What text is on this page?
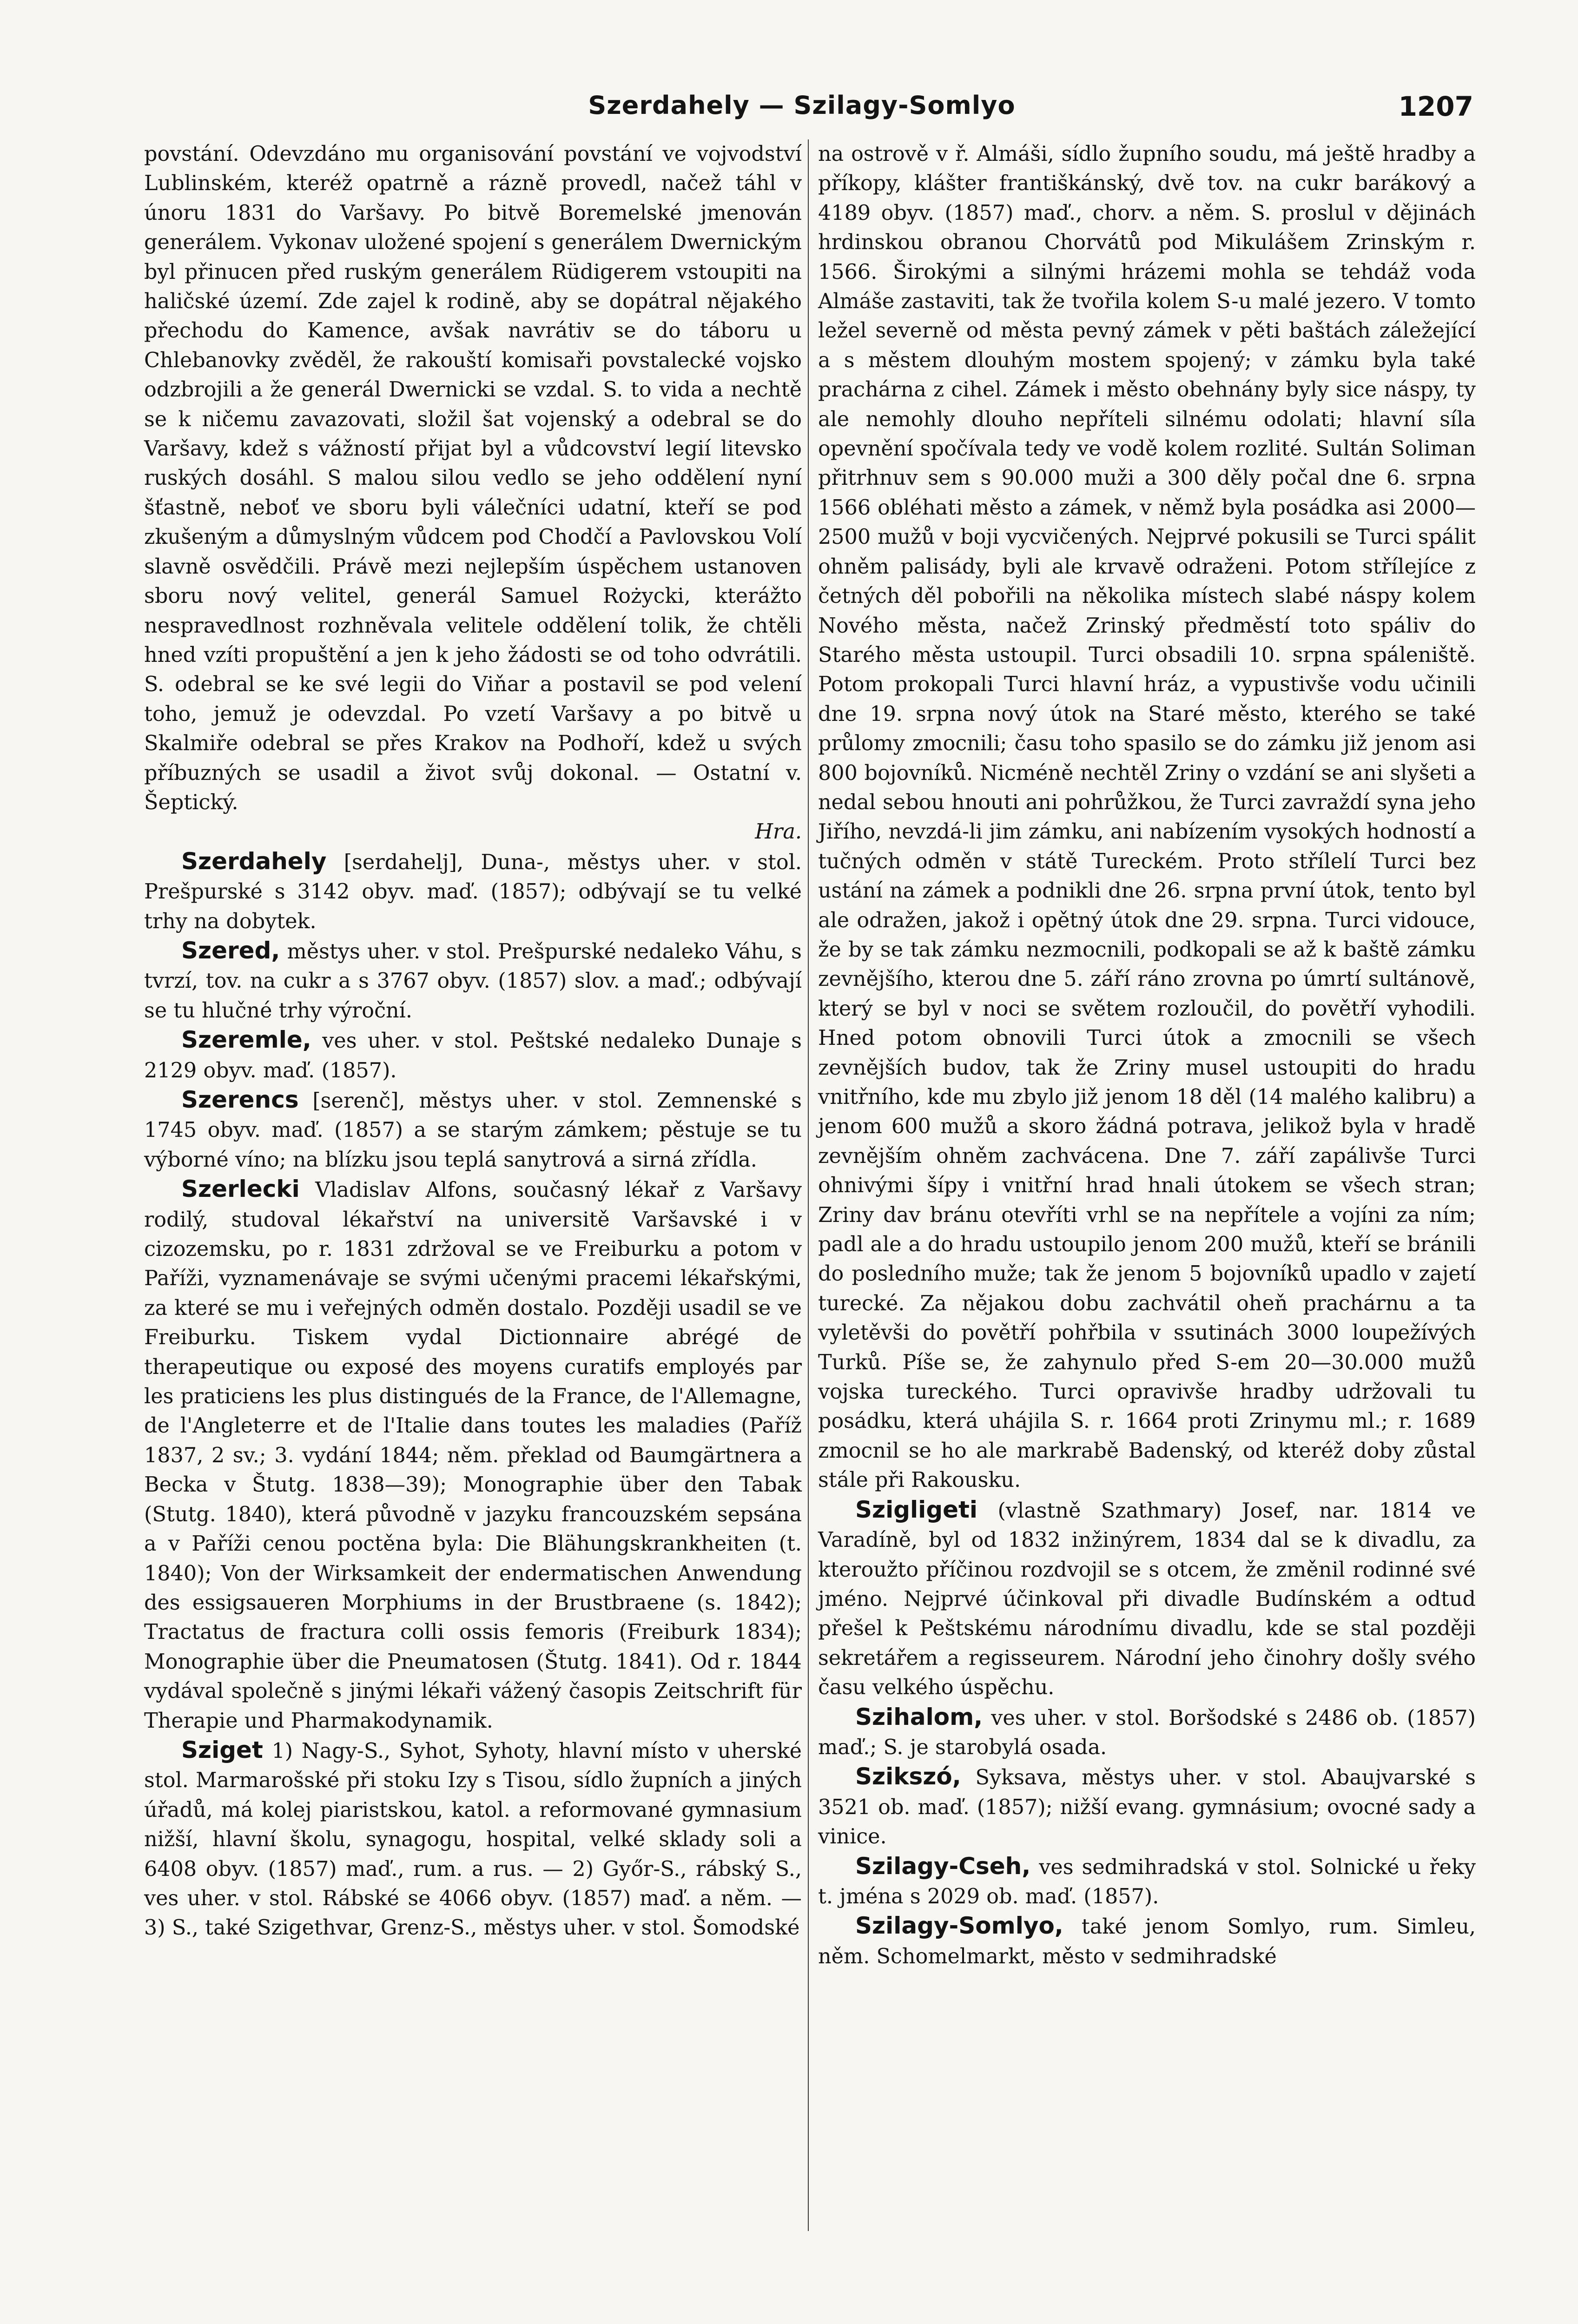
Szerdahely — Szilagy-Somlyo	1207

povstání. Odevzdáno mu organisování povstání ve vojvodství Lublinském, kteréž opatrně a rázně provedl, načež táhl v únoru 1831 do Varšavy. Po bitvě Boremelské jmenován generálem. Vykonav uložené spojení s generálem Dwernickým byl přinucen před ruským generálem Rüdigerem vstoupiti na haličské území. Zde zajel k rodině, aby se dopátral nějakého přechodu do Kamence, avšak navrátiv se do táboru u Chlebanovky zvěděl, že rakouští komisaři povstalecké vojsko odzbrojili a že generál Dwernicki se vzdal. S. to vida a nechtě se k ničemu zavazovati, složil šat vojenský a odebral se do Varšavy, kdež s vážností přijat byl a vůdcovství legií litevsko ruských dosáhl. S malou silou vedlo se jeho oddělení nyní šťastně, neboť ve sboru byli válečníci udatní, kteří se pod zkušeným a důmyslným vůdcem pod Chodčí a Pavlovskou Volí slavně osvědčili. Právě mezi nejlepším úspěchem ustanoven sboru nový velitel, generál Samuel Rożycki, kterážto nespravedlnost rozhněvala velitele oddělení tolik, že chtěli hned vzíti propuštění a jen k jeho žádosti se od toho odvrátili. S. odebral se ke své legii do Viňar a postavil se pod velení toho, jemuž je odevzdal. Po vzetí Varšavy a po bitvě u Skalmiře odebral se přes Krakov na Podhoří, kdež u svých příbuzných se usadil a život svůj dokonal. — Ostatní v. Šeptický.

Hra.

Szerdahely [serdahelj], Duna-, městys uher. v stol. Prešpurské s 3142 obyv. maď. (1857); odbývají se tu velké trhy na dobytek.

Szered, městys uher. v stol. Prešpurské nedaleko Váhu, s tvrzí, tov. na cukr a s 3767 obyv. (1857) slov. a maď.; odbývají se tu hlučné trhy výroční.

Szeremle, ves uher. v stol. Peštské nedaleko Dunaje s 2129 obyv. maď. (1857).

Szerencs [serenč], městys uher. v stol. Zemnenské s 1745 obyv. maď. (1857) a se starým zámkem; pěstuje se tu výborné víno; na blízku jsou teplá sanytrová a sirná zřídla.

Szerlecki Vladislav Alfons, současný lékař z Varšavy rodilý, studoval lékařství na universitě Varšavské i v cizozemsku, po r. 1831 zdržoval se ve Freiburku a potom v Paříži, vyznamenávaje se svými učenými pracemi lékařskými, za které se mu i veřejných odměn dostalo. Později usadil se ve Freiburku. Tiskem vydal Dictionnaire abrégé de therapeutique ou exposé des moyens curatifs employés par les praticiens les plus distingués de la France, de l'Allemagne, de l'Angleterre et de l'Italie dans toutes les maladies (Paříž 1837, 2 sv.; 3. vydání 1844; něm. překlad od Baumgärtnera a Becka v Štutg. 1838—39); Monographie über den Tabak (Stutg. 1840), která původně v jazyku francouzském sepsána a v Paříži cenou poctěna byla: Die Blähungskrankheiten (t. 1840); Von der Wirksamkeit der endermatischen Anwendung des essigsaueren Morphiums in der Brustbraene (s. 1842); Tractatus de fractura colli ossis femoris (Freiburk 1834); Monographie über die Pneumatosen (Štutg. 1841). Od r. 1844 vydával společně s jinými lékaři vážený časopis Zeitschrift für Therapie und Pharmakodynamik.

Sziget 1) Nagy-S., Syhot, Syhoty, hlavní místo v uherské stol. Marmarošské při stoku Izy s Tisou, sídlo župních a jiných úřadů, má kolej piaristskou, katol. a reformované gymnasium nižší, hlavní školu, synagogu, hospital, velké sklady soli a 6408 obyv. (1857) maď., rum. a rus. — 2) Győr-S., rábský S., ves uher. v stol. Rábské se 4066 obyv. (1857) maď. a něm. — 3) S., také Szigethvar, Grenz-S., městys uher. v stol. Šomodské

na ostrově v ř. Almáši, sídlo župního soudu, má ještě hradby a příkopy, klášter františkánský, dvě tov. na cukr barákový a 4189 obyv. (1857) maď., chorv. a něm. S. proslul v dějinách hrdinskou obranou Chorvátů pod Mikulášem Zrinským r. 1566. Širokými a silnými hrázemi mohla se tehdáž voda Almáše zastaviti, tak že tvořila kolem S-u malé jezero. V tomto ležel severně od města pevný zámek v pěti baštách záležející a s městem dlouhým mostem spojený; v zámku byla také prachárna z cihel. Zámek i město obehnány byly sice náspy, ty ale nemohly dlouho nepříteli silnému odolati; hlavní síla opevnění spočívala tedy ve vodě kolem rozlité. Sultán Soliman přitrhnuv sem s 90.000 muži a 300 děly počal dne 6. srpna 1566 obléhati město a zámek, v němž byla posádka asi 2000—2500 mužů v boji vycvičených. Nejprvé pokusili se Turci spálit ohněm palisády, byli ale krvavě odraženi. Potom střílejíce z četných děl pobořili na několika místech slabé náspy kolem Nového města, načež Zrinský předměstí toto spáliv do Starého města ustoupil. Turci obsadili 10. srpna spáleniště. Potom prokopali Turci hlavní hráz, a vypustivše vodu učinili dne 19. srpna nový útok na Staré město, kterého se také průlomy zmocnili; času toho spasilo se do zámku již jenom asi 800 bojovníků. Nicméně nechtěl Zriny o vzdání se ani slyšeti a nedal sebou hnouti ani pohrůžkou, že Turci zavraždí syna jeho Jiřího, nevzdá-li jim zámku, ani nabízením vysokých hodností a tučných odměn v státě Tureckém. Proto střílelí Turci bez ustání na zámek a podnikli dne 26. srpna první útok, tento byl ale odražen, jakož i opětný útok dne 29. srpna. Turci vidouce, že by se tak zámku nezmocnili, podkopali se až k baště zámku zevnějšího, kterou dne 5. září ráno zrovna po úmrtí sultánově, který se byl v noci se světem rozloučil, do povětří vyhodili. Hned potom obnovili Turci útok a zmocnili se všech zevnějších budov, tak že Zriny musel ustoupiti do hradu vnitřního, kde mu zbylo již jenom 18 děl (14 malého kalibru) a jenom 600 mužů a skoro žádná potrava, jelikož byla v hradě zevnějším ohněm zachvácena. Dne 7. září zapálivše Turci ohnivými šípy i vnitřní hrad hnali útokem se všech stran; Zriny dav bránu otevříti vrhl se na nepřítele a vojíni za ním; padl ale a do hradu ustoupilo jenom 200 mužů, kteří se bránili do posledního muže; tak že jenom 5 bojovníků upadlo v zajetí turecké. Za nějakou dobu zachvátil oheň prachárnu a ta vyletěvši do povětří pohřbila v ssutinách 3000 loupežívých Turků. Píše se, že zahynulo před S-em 20—30.000 mužů vojska tureckého. Turci opravivše hradby udržovali tu posádku, která uhájila S. r. 1664 proti Zrinymu ml.; r. 1689 zmocnil se ho ale markrabě Badenský, od kteréž doby zůstal stále při Rakousku.

Szigligeti (vlastně Szathmary) Josef, nar. 1814 ve Varadíně, byl od 1832 inžinýrem, 1834 dal se k divadlu, za kteroužto příčinou rozdvojil se s otcem, že změnil rodinné své jméno. Nejprvé účinkoval při divadle Budínském a odtud přešel k Peštskému národnímu divadlu, kde se stal později sekretářem a regisseurem. Národní jeho činohry došly svého času velkého úspěchu.

Szihalom, ves uher. v stol. Boršodské s 2486 ob. (1857) maď.; S. je starobylá osada.

Szikszó, Syksava, městys uher. v stol. Abaujvarské s 3521 ob. maď. (1857); nižší evang. gymnásium; ovocné sady a vinice.

Szilagy-Cseh, ves sedmihradská v stol. Solnické u řeky t. jména s 2029 ob. maď. (1857).

Szilagy-Somlyo, také jenom Somlyo, rum. Simleu, něm. Schomelmarkt, město v sedmihradské
